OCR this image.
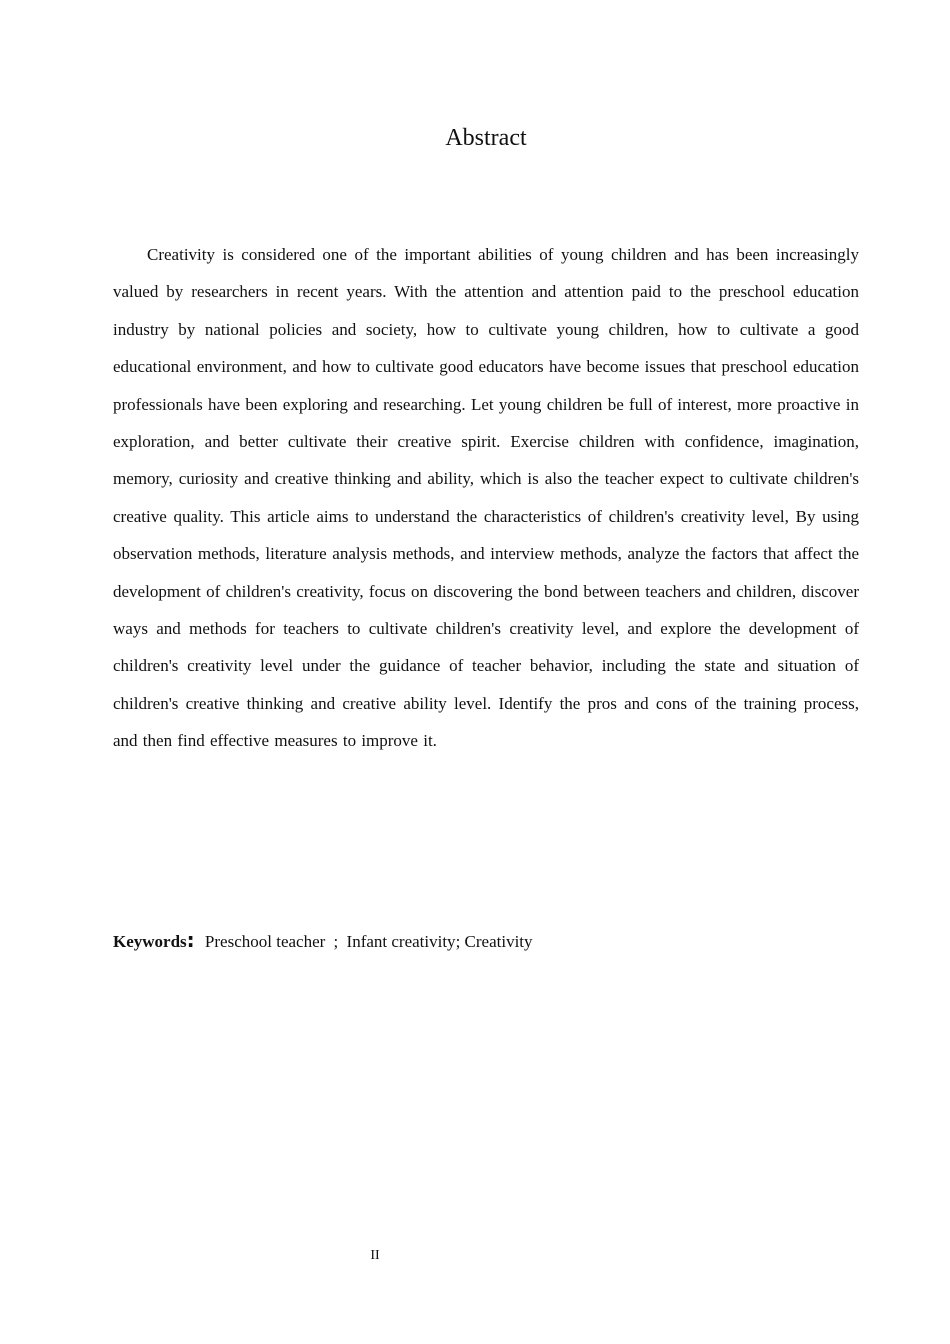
Abstract

Creativity is considered one of the important abilities of young children and has been increasingly valued by researchers in recent years. With the attention and attention paid to the preschool education industry by national policies and society, how to cultivate young children, how to cultivate a good educational environment, and how to cultivate good educators have become issues that preschool education professionals have been exploring and researching. Let young children be full of interest, more proactive in exploration, and better cultivate their creative spirit. Exercise children with confidence, imagination, memory, curiosity and creative thinking and ability, which is also the teacher expect to cultivate children's creative quality. This article aims to understand the characteristics of children's creativity level, By using observation methods, literature analysis methods, and interview methods, analyze the factors that affect the development of children's creativity, focus on discovering the bond between teachers and children, discover ways and methods for teachers to cultivate children's creativity level, and explore the development of children's creativity level under the guidance of teacher behavior, including the state and situation of children's creative thinking and creative ability level. Identify the pros and cons of the training process, and then find effective measures to improve it.

Keywords: Preschool teacher ; Infant creativity; Creativity
II
